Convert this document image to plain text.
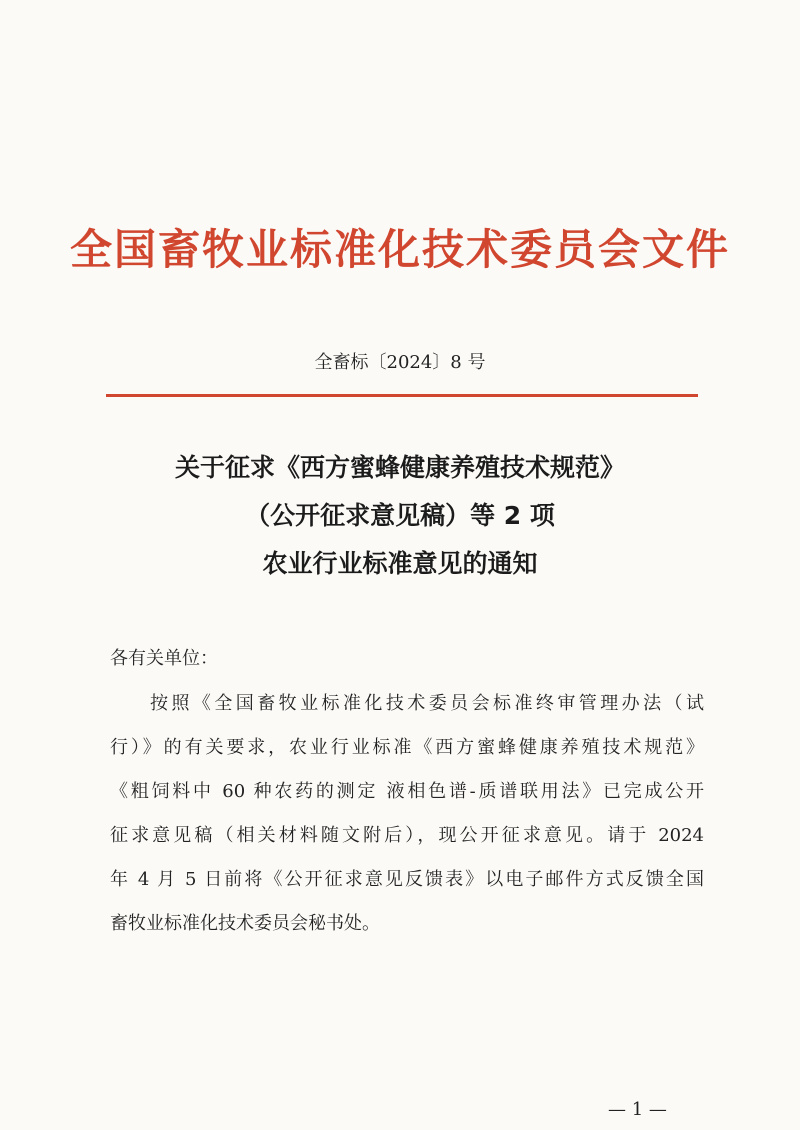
全国畜牧业标准化技术委员会文件
全畜标〔2024〕8 号
关于征求《西方蜜蜂健康养殖技术规范》
（公开征求意见稿）等 2 项
农业行业标准意见的通知
各有关单位：
按照《全国畜牧业标准化技术委员会标准终审管理办法（试
行）》的有关要求，农业行业标准《西方蜜蜂健康养殖技术规范》
《粗饲料中 60 种农药的测定 液相色谱-质谱联用法》已完成公开
征求意见稿（相关材料随文附后），现公开征求意见。请于 2024
年 4 月 5 日前将《公开征求意见反馈表》以电子邮件方式反馈全国
畜牧业标准化技术委员会秘书处。
— 1 —
